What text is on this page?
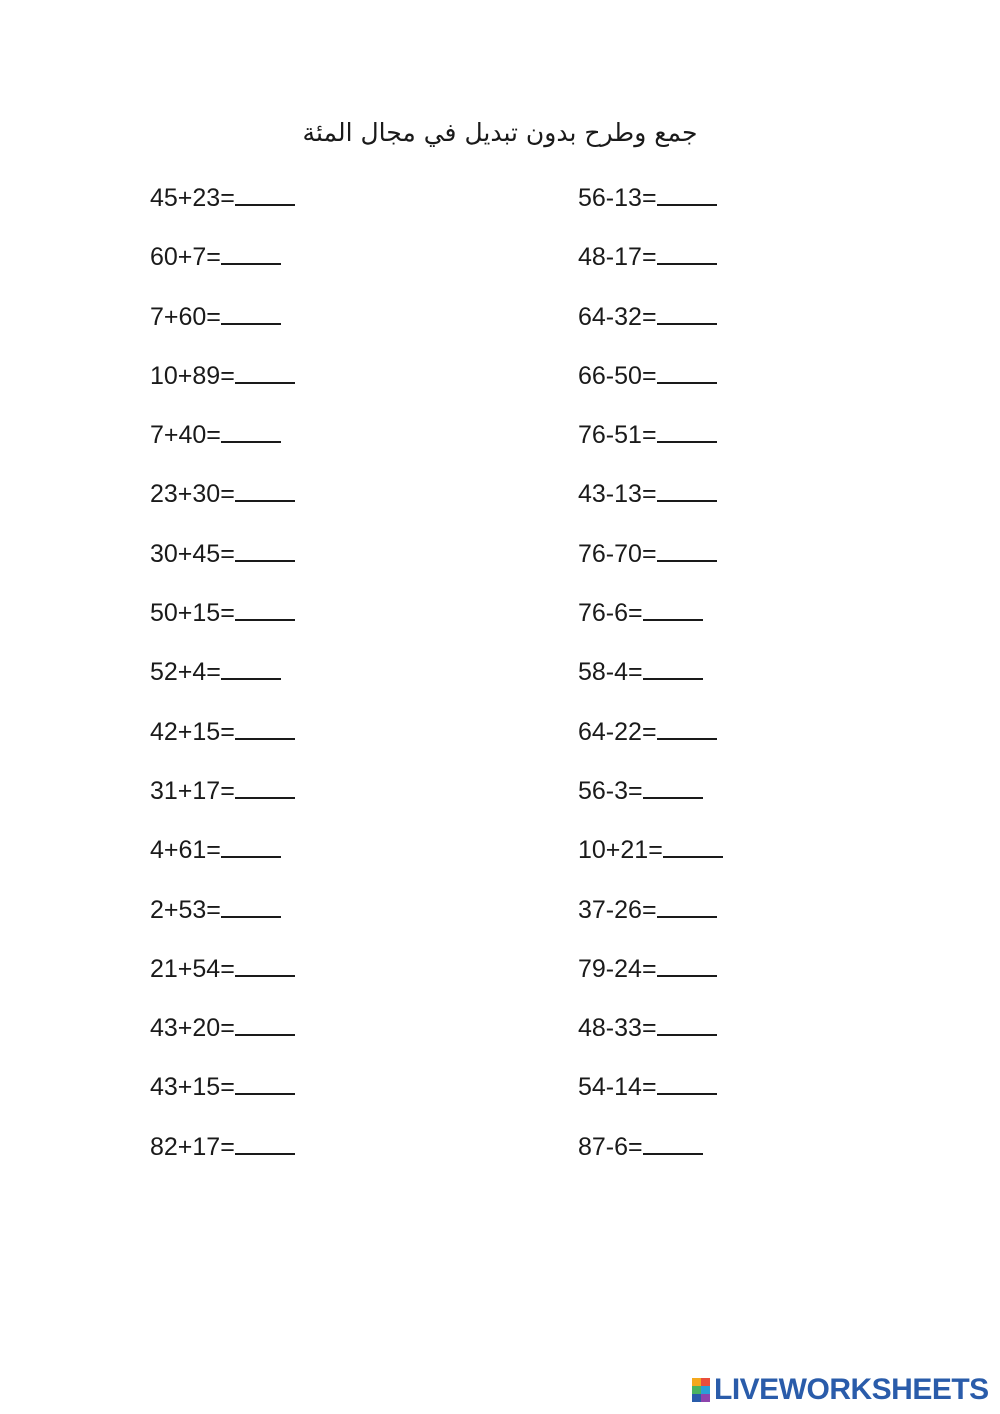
جمع وطرح بدون تبديل في مجال المئة
45+23=
60+7=
7+60=
10+89=
7+40=
23+30=
30+45=
50+15=
52+4=
42+15=
31+17=
4+61=
2+53=
21+54=
43+20=
43+15=
82+17=
56-13=
48-17=
64-32=
66-50=
76-51=
43-13=
76-70=
76-6=
58-4=
64-22=
56-3=
10+21=
37-26=
79-24=
48-33=
54-14=
87-6=
LIVEWORKSHEETS
